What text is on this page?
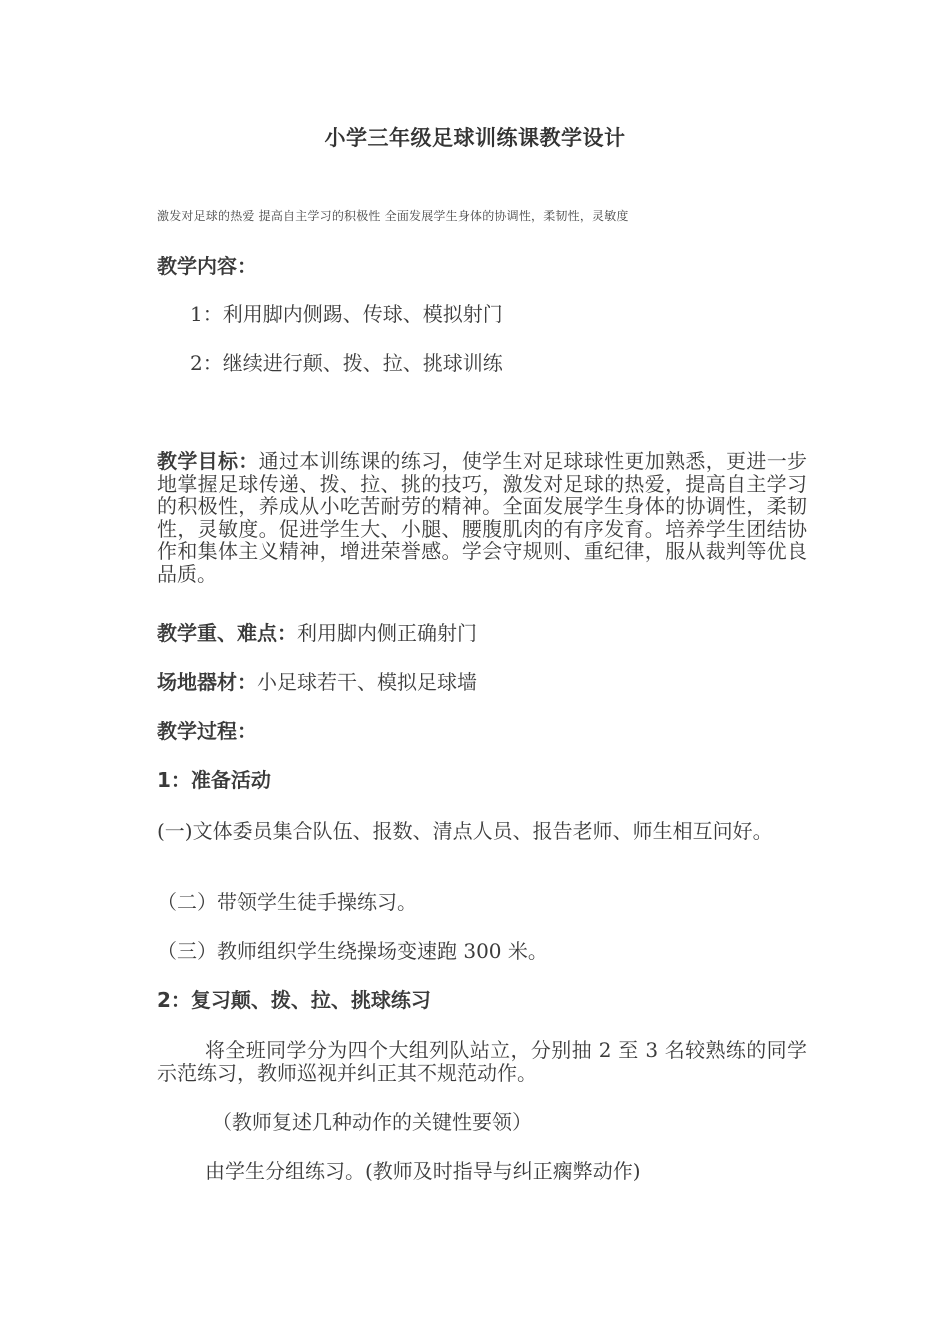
小学三年级足球训练课教学设计
激发对足球的热爱 提高自主学习的积极性 全面发展学生身体的协调性，柔韧性，灵敏度
教学内容：
1：利用脚内侧踢、传球、模拟射门
2：继续进行颠、拨、拉、挑球训练
教学目标：通过本训练课的练习，使学生对足球球性更加熟悉，更进一步地掌握足球传递、拨、拉、挑的技巧，激发对足球的热爱，提高自主学习的积极性，养成从小吃苦耐劳的精神。全面发展学生身体的协调性，柔韧性，灵敏度。促进学生大、小腿、腰腹肌肉的有序发育。培养学生团结协作和集体主义精神，增进荣誉感。学会守规则、重纪律，服从裁判等优良品质。
教学重、难点：利用脚内侧正确射门
场地器材：小足球若干、模拟足球墙
教学过程：
1：准备活动
(一)文体委员集合队伍、报数、清点人员、报告老师、师生相互问好。
（二）带领学生徒手操练习。
（三）教师组织学生绕操场变速跑 300 米。
2：复习颠、拨、拉、挑球练习
将全班同学分为四个大组列队站立，分别抽 2 至 3 名较熟练的同学示范练习，教师巡视并纠正其不规范动作。
（教师复述几种动作的关键性要领）
由学生分组练习。(教师及时指导与纠正瘸弊动作)
